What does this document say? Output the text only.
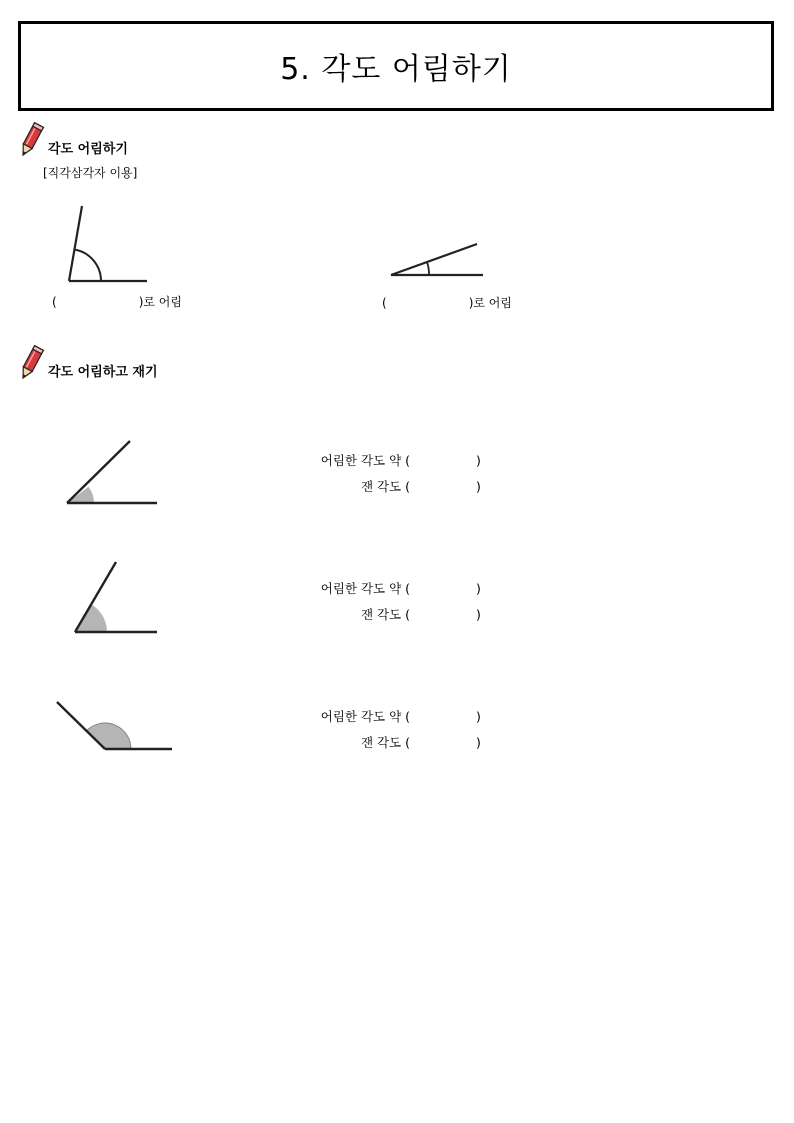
5. 각도 어림하기
각도 어림하기
[직각삼각자 이용]
(	)로 어림	(	)로 어림
각도 어림하고 재기
어림한 각도 약 (	)
잰 각도 (	)
어림한 각도 약 (	)
잰 각도 (	)
어림한 각도 약 (	)
잰 각도 (	)
